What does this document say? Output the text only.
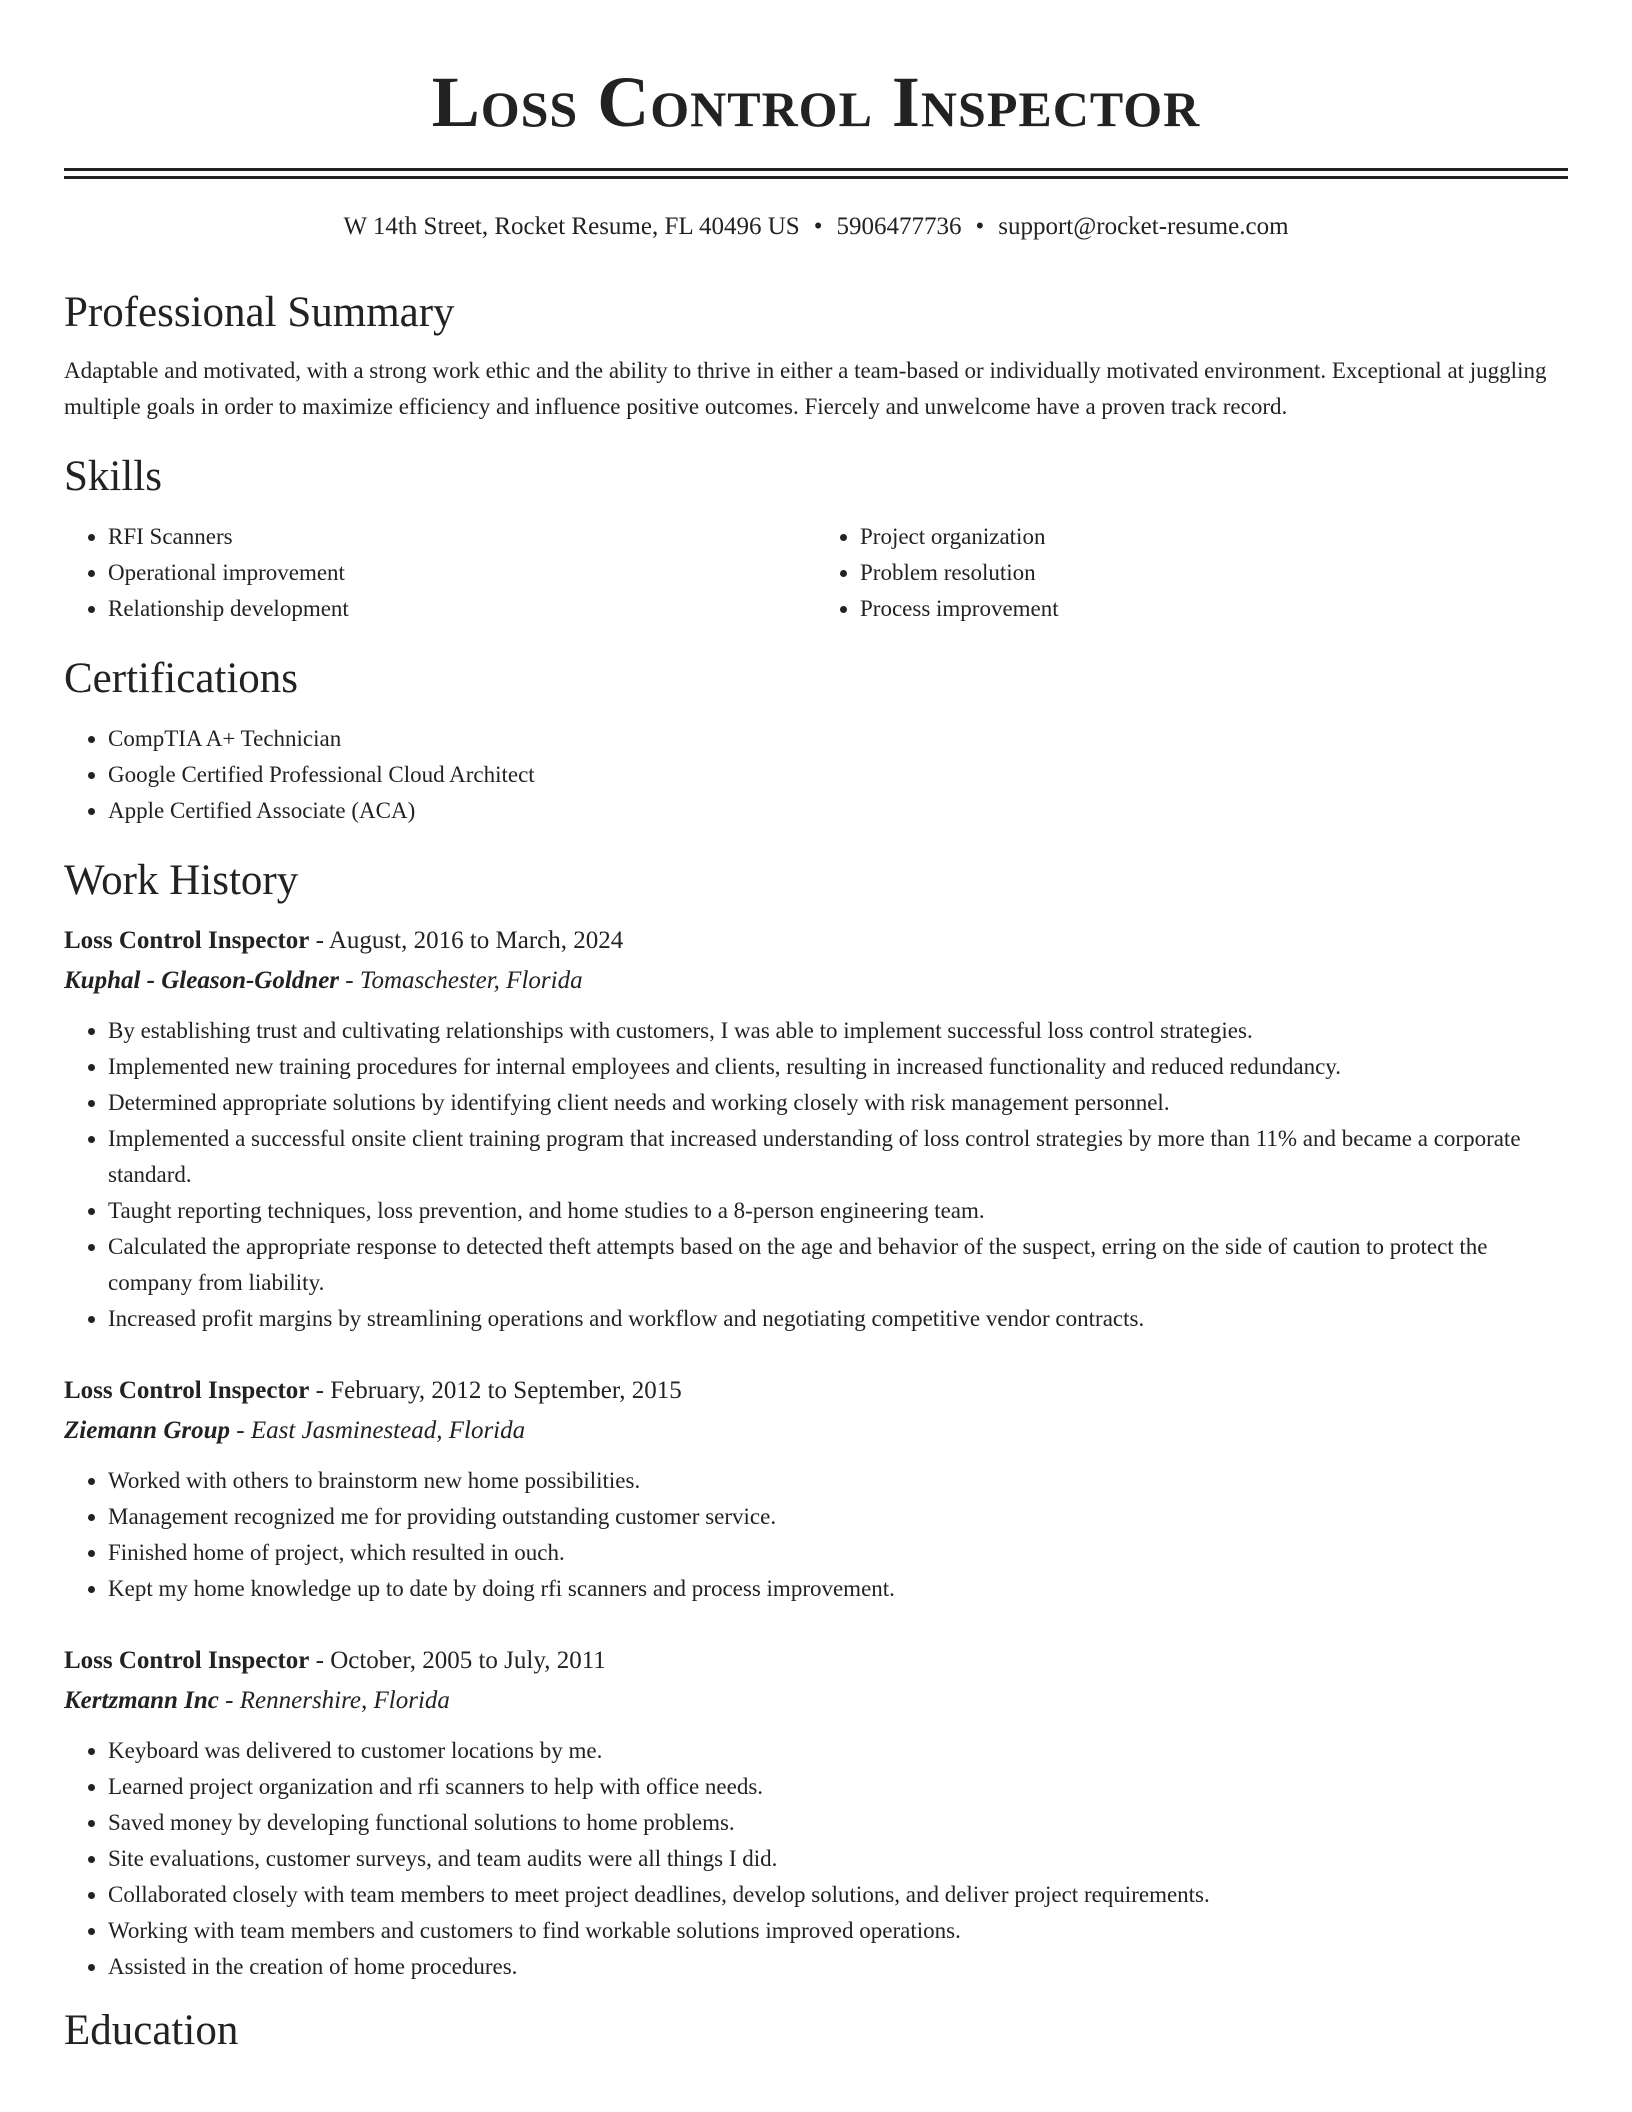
Loss Control Inspector
W 14th Street, Rocket Resume, FL 40496 US • 5906477736 • support@rocket-resume.com
Professional Summary
Adaptable and motivated, with a strong work ethic and the ability to thrive in either a team-based or individually motivated environment. Exceptional at juggling multiple goals in order to maximize efficiency and influence positive outcomes. Fiercely and unwelcome have a proven track record.
Skills
• RFI Scanners
• Operational improvement
• Relationship development
• Project organization
• Problem resolution
• Process improvement
Certifications
• CompTIA A+ Technician
• Google Certified Professional Cloud Architect
• Apple Certified Associate (ACA)
Work History
Loss Control Inspector - August, 2016 to March, 2024
Kuphal - Gleason-Goldner - Tomaschester, Florida
• By establishing trust and cultivating relationships with customers, I was able to implement successful loss control strategies.
• Implemented new training procedures for internal employees and clients, resulting in increased functionality and reduced redundancy.
• Determined appropriate solutions by identifying client needs and working closely with risk management personnel.
• Implemented a successful onsite client training program that increased understanding of loss control strategies by more than 11% and became a corporate standard.
• Taught reporting techniques, loss prevention, and home studies to a 8-person engineering team.
• Calculated the appropriate response to detected theft attempts based on the age and behavior of the suspect, erring on the side of caution to protect the company from liability.
• Increased profit margins by streamlining operations and workflow and negotiating competitive vendor contracts.
Loss Control Inspector - February, 2012 to September, 2015
Ziemann Group - East Jasminestead, Florida
• Worked with others to brainstorm new home possibilities.
• Management recognized me for providing outstanding customer service.
• Finished home of project, which resulted in ouch.
• Kept my home knowledge up to date by doing rfi scanners and process improvement.
Loss Control Inspector - October, 2005 to July, 2011
Kertzmann Inc - Rennershire, Florida
• Keyboard was delivered to customer locations by me.
• Learned project organization and rfi scanners to help with office needs.
• Saved money by developing functional solutions to home problems.
• Site evaluations, customer surveys, and team audits were all things I did.
• Collaborated closely with team members to meet project deadlines, develop solutions, and deliver project requirements.
• Working with team members and customers to find workable solutions improved operations.
• Assisted in the creation of home procedures.
Education
